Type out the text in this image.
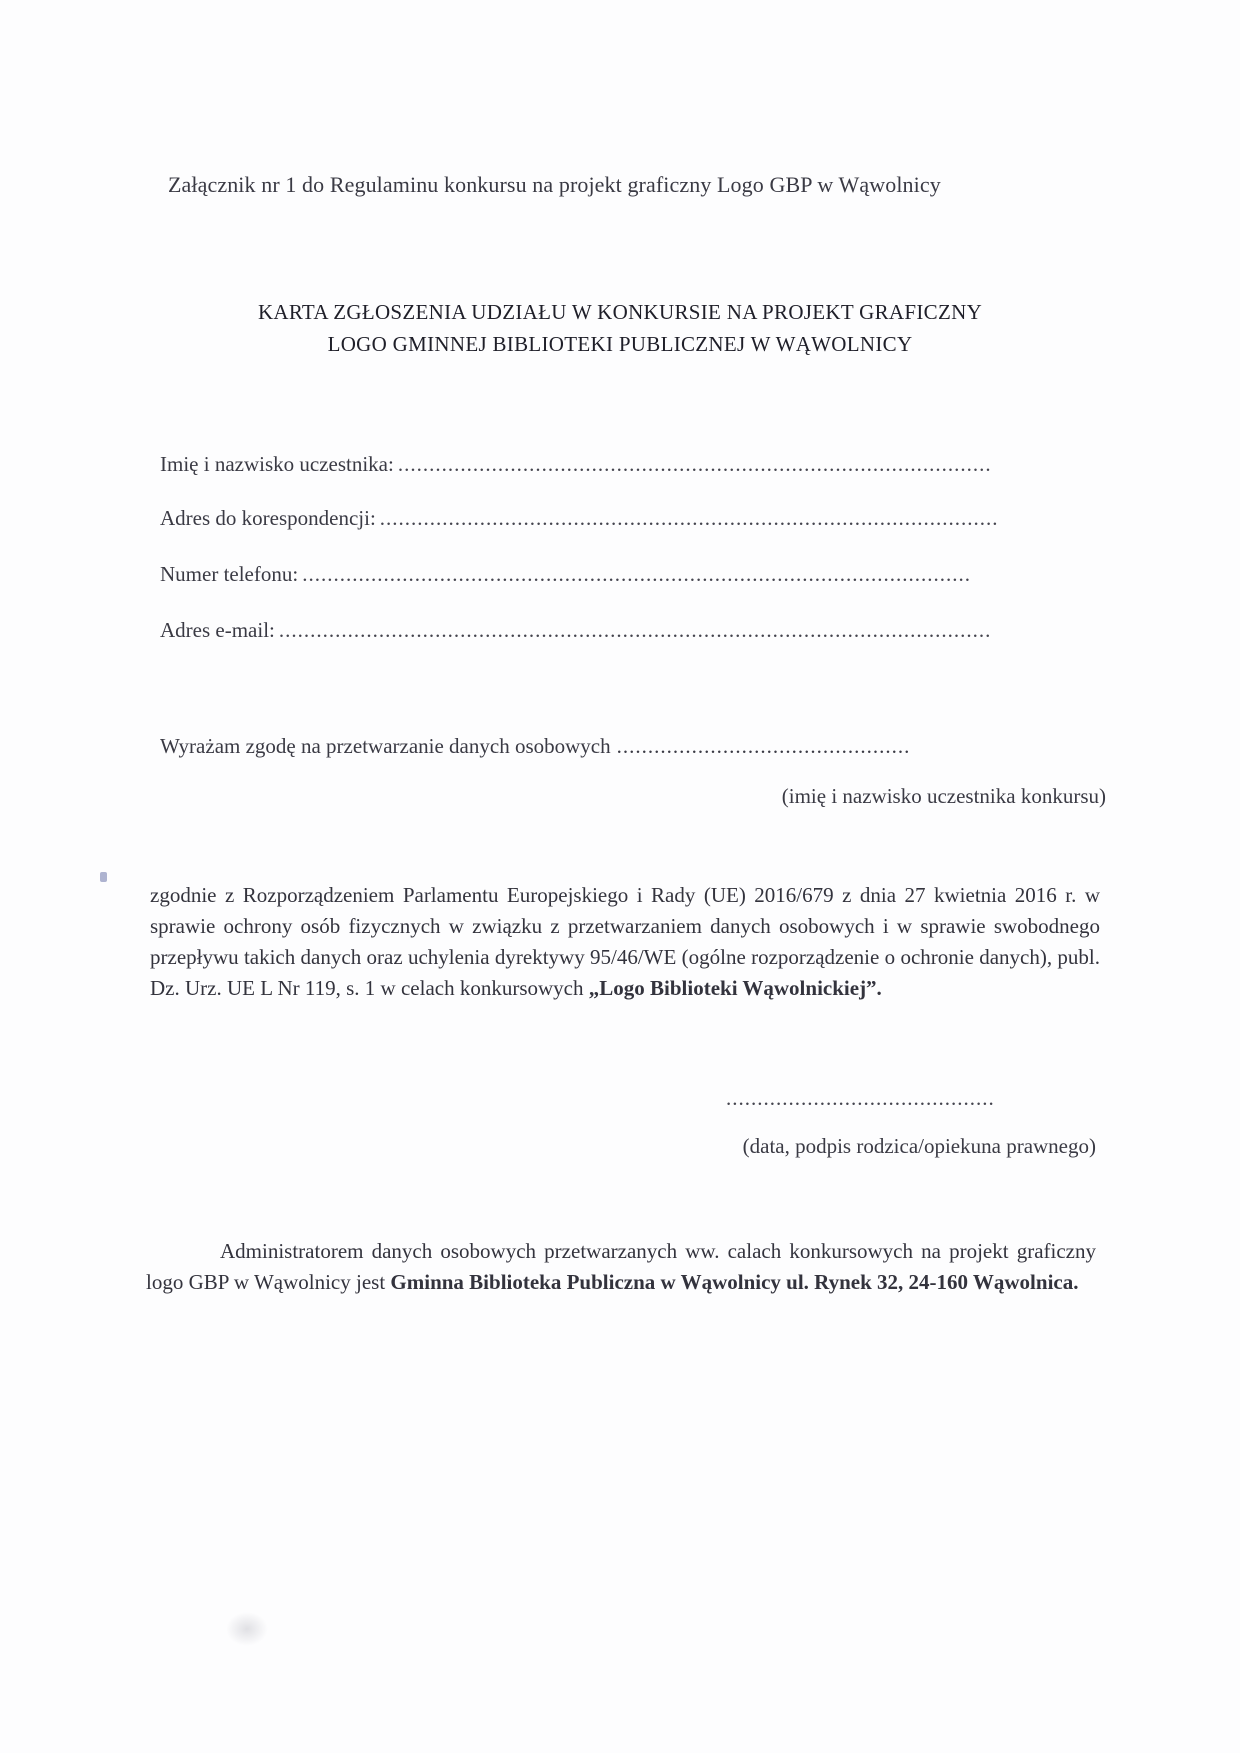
Załącznik nr 1 do Regulaminu konkursu na projekt graficzny Logo GBP w Wąwolnicy
KARTA ZGŁOSZENIA UDZIAŁU W KONKURSIE NA PROJEKT GRAFICZNY
LOGO GMINNEJ BIBLIOTEKI PUBLICZNEJ W WĄWOLNICY
Imię i nazwisko uczestnika: ...............................................................................................
Adres do korespondencji: ...................................................................................................
Numer telefonu: ...........................................................................................................
Adres e-mail: ..................................................................................................................
Wyrażam zgodę na przetwarzanie danych osobowych ...............................................
(imię i nazwisko uczestnika konkursu)
zgodnie z Rozporządzeniem Parlamentu Europejskiego i Rady (UE) 2016/679 z dnia 27 kwietnia 2016 r. w sprawie ochrony osób fizycznych w związku z przetwarzaniem danych osobowych i w sprawie swobodnego przepływu takich danych oraz uchylenia dyrektywy 95/46/WE (ogólne rozporządzenie o ochronie danych), publ. Dz. Urz. UE L Nr 119, s. 1 w celach konkursowych „Logo Biblioteki Wąwolnickiej”.
...........................................
(data, podpis rodzica/opiekuna prawnego)
Administratorem danych osobowych przetwarzanych ww. calach konkursowych na projekt graficzny logo GBP w Wąwolnicy jest Gminna Biblioteka Publiczna w Wąwolnicy ul. Rynek 32, 24-160 Wąwolnica.
